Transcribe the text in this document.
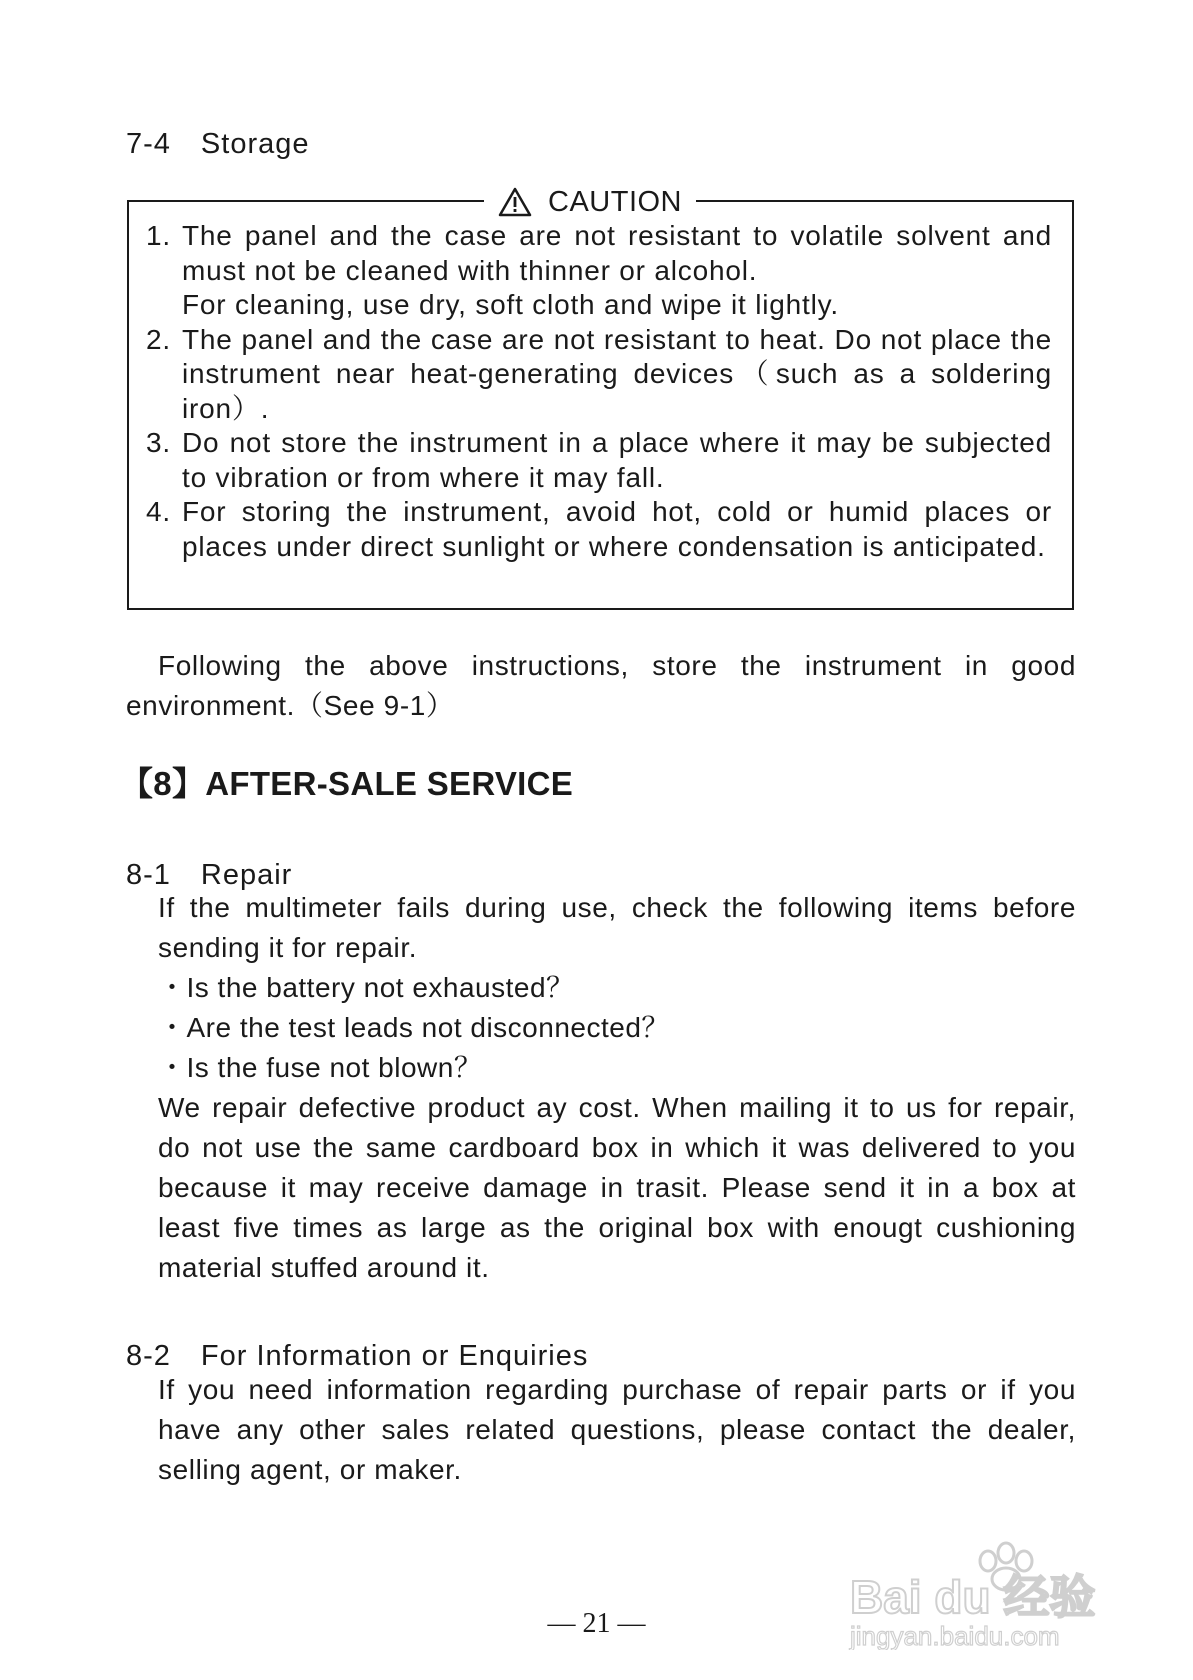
7-4　Storage
CAUTION
1. The panel and the case are not resistant to volatile solvent and must not be cleaned with thinner or alcohol.
For cleaning, use dry, soft cloth and wipe it lightly.
2. The panel and the case are not resistant to heat. Do not place the instrument near heat-generating devices（such as a soldering iron）.
3. Do not store the instrument in a place where it may be subjected to vibration or from where it may fall.
4. For storing the instrument, avoid hot, cold or humid places or places under direct sunlight or where condensation is anticipated.
Following the above instructions, store the instrument in good environment.（See 9-1）
【8】AFTER-SALE SERVICE
8-1　Repair
If the multimeter fails during use, check the following items before sending it for repair.
・Is the battery not exhausted？
・Are the test leads not disconnected？
・Is the fuse not blown？
We repair defective product ay cost. When mailing it to us for repair, do not use the same cardboard box in which it was delivered to you because it may receive damage in trasit. Please send it in a box at least five times as large as the original box with enougt cushioning material stuffed around it.
8-2　For Information or Enquiries
If you need information regarding purchase of repair parts or if you have any other sales related questions, please contact the dealer, selling agent, or maker.
— 21 —
Bai du 经验
jingyan.baidu.com
